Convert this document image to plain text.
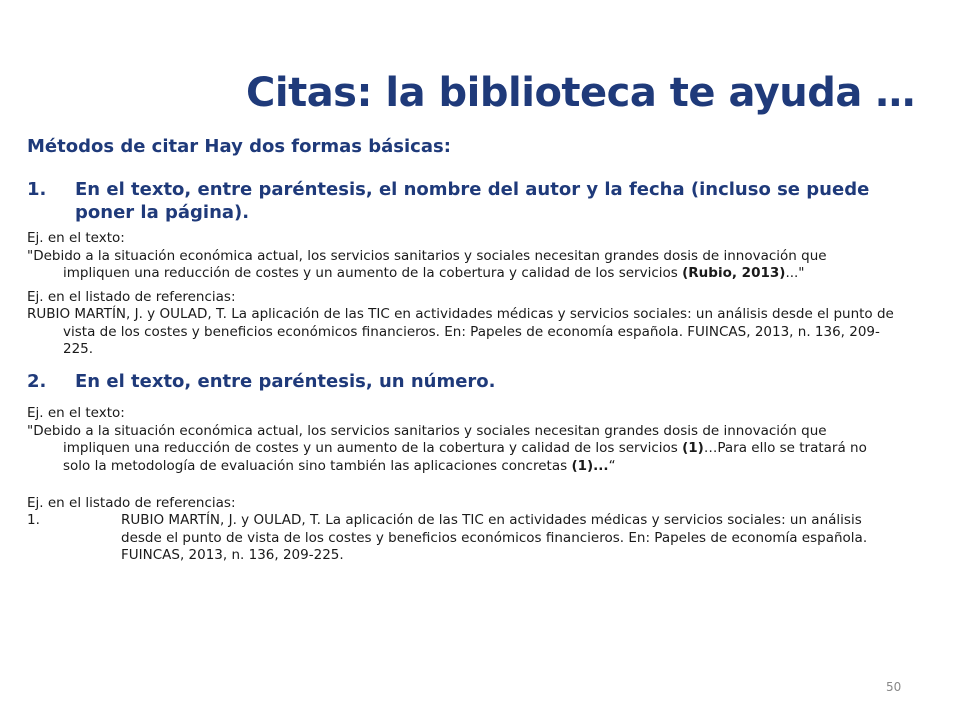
Citas: la biblioteca te ayuda …

Métodos de citar Hay dos formas básicas:

1.	En el texto, entre paréntesis, el nombre del autor y la fecha (incluso se puede poner la página).

Ej. en el texto:

"Debido a la situación económica actual, los servicios sanitarios y sociales necesitan grandes dosis de innovación que impliquen una reducción de costes y un aumento de la cobertura y calidad de los servicios (Rubio, 2013)..."

Ej. en el listado de referencias:

RUBIO MARTÍN, J. y OULAD, T. La aplicación de las TIC en actividades médicas y servicios sociales: un análisis desde el punto de vista de los costes y beneficios económicos financieros. En: Papeles de economía española. FUINCAS, 2013, n. 136, 209-225.

2.	En el texto, entre paréntesis, un número.

Ej. en el texto:

"Debido a la situación económica actual, los servicios sanitarios y sociales necesitan grandes dosis de innovación que impliquen una reducción de costes y un aumento de la cobertura y calidad de los servicios (1)…Para ello se tratará no solo la metodología de evaluación sino también las aplicaciones concretas (1)...“

Ej. en el listado de referencias:

1.	RUBIO MARTÍN, J. y OULAD, T. La aplicación de las TIC en actividades médicas y servicios sociales: un análisis desde el punto de vista de los costes y beneficios económicos financieros. En: Papeles de economía española. FUINCAS, 2013, n. 136, 209-225.
50
